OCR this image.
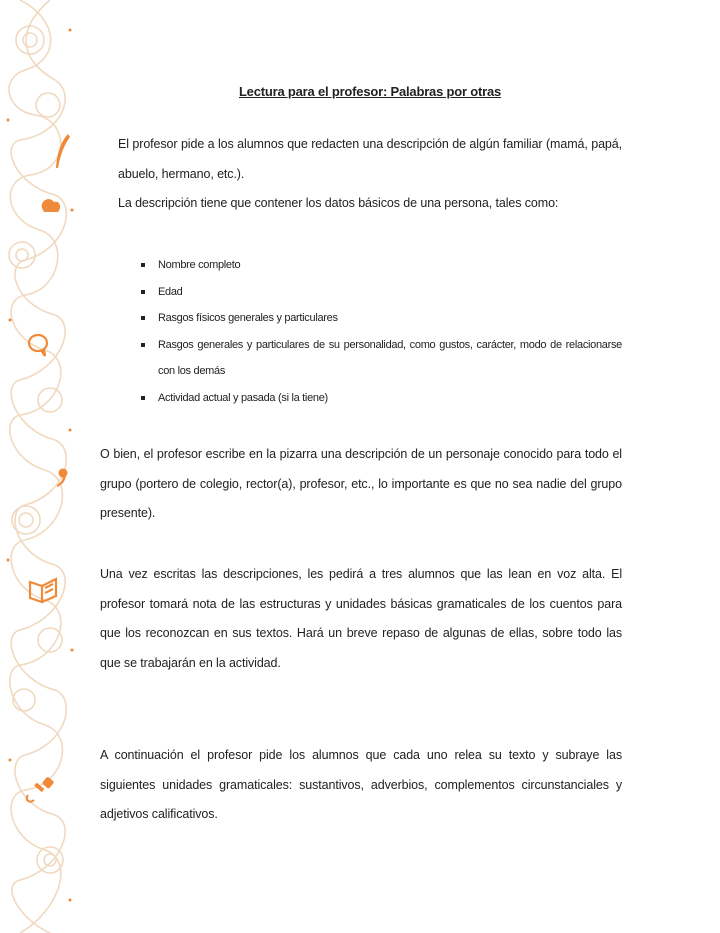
Lectura para el profesor: Palabras por otras

El profesor pide a los alumnos que redacten una descripción de algún familiar (mamá, papá, abuelo, hermano, etc.).

La descripción tiene que contener los datos básicos de una persona, tales como:

Nombre completo
Edad
Rasgos físicos generales y particulares
Rasgos generales y particulares de su personalidad, como gustos, carácter, modo de relacionarse con los demás
Actividad actual y pasada (si la tiene)
O bien, el profesor escribe en la pizarra una descripción de un personaje conocido para todo el grupo (portero de colegio, rector(a), profesor, etc., lo importante es que no sea nadie del grupo presente).
Una vez escritas las descripciones, les pedirá a tres alumnos que las lean en voz alta. El profesor tomará nota de las estructuras y unidades básicas gramaticales de los cuentos para que los reconozcan en sus textos. Hará un breve repaso de algunas de ellas, sobre todo las que se trabajarán en la actividad.
A continuación el profesor pide los alumnos que cada uno relea su texto y subraye las siguientes unidades gramaticales: sustantivos, adverbios, complementos circunstanciales y adjetivos calificativos.
